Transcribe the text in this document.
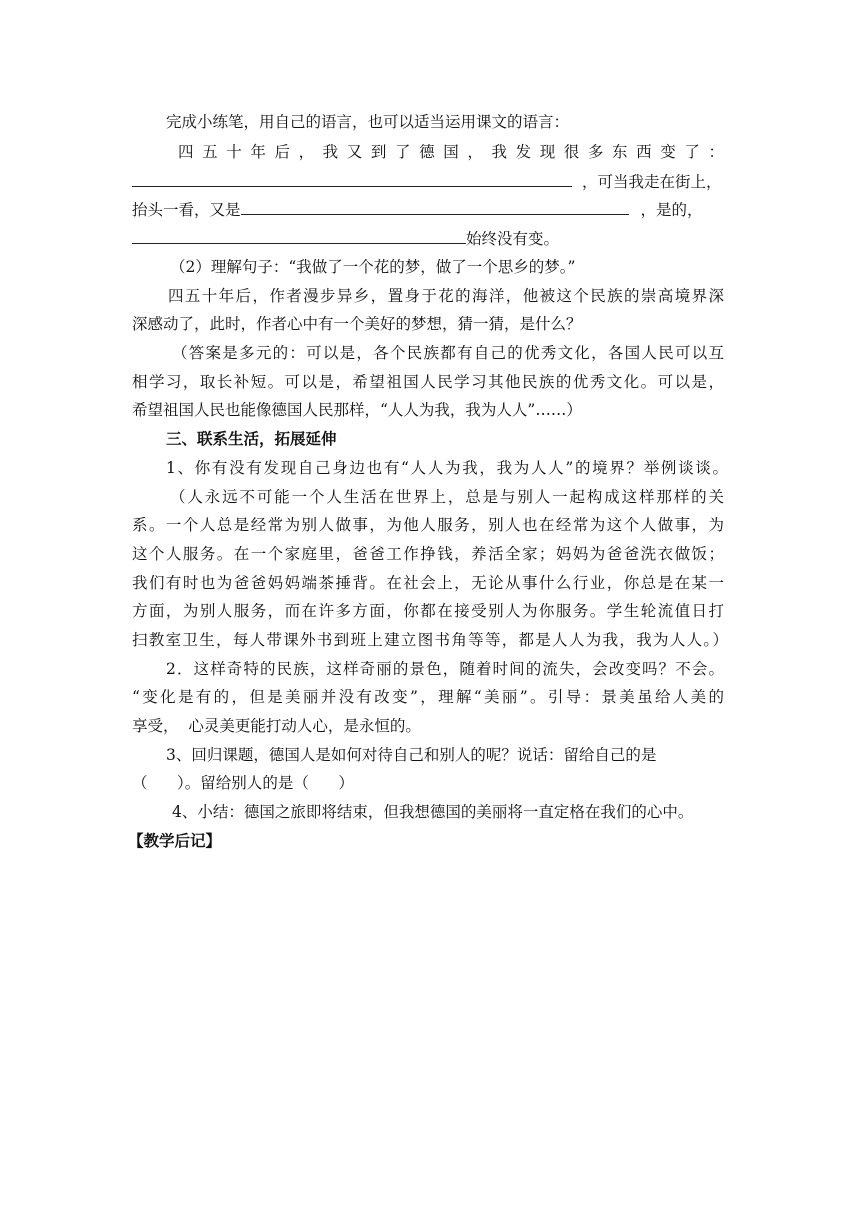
完成小练笔，用自己的语言，也可以适当运用课文的语言：
四五十年后，我又到了德国，我发现很多东西变了：
，可当我走在街上，
抬头一看，又是	，是的，
始终没有变。
（2）理解句子：“我做了一个花的梦，做了一个思乡的梦。”
四五十年后，作者漫步异乡，置身于花的海洋，他被这个民族的崇高境界深
深感动了，此时，作者心中有一个美好的梦想，猜一猜，是什么？
（答案是多元的：可以是，各个民族都有自己的优秀文化，各国人民可以互
相学习，取长补短。可以是，希望祖国人民学习其他民族的优秀文化。可以是，
希望祖国人民也能像德国人民那样，“人人为我，我为人人”……）
三、联系生活，拓展延伸
1、你有没有发现自己身边也有“人人为我，我为人人”的境界？举例谈谈。
（人永远不可能一个人生活在世界上，总是与别人一起构成这样那样的关
系。一个人总是经常为别人做事，为他人服务，别人也在经常为这个人做事，为
这个人服务。在一个家庭里，爸爸工作挣钱，养活全家；妈妈为爸爸洗衣做饭；
我们有时也为爸爸妈妈端茶捶背。在社会上，无论从事什么行业，你总是在某一
方面，为别人服务，而在许多方面，你都在接受别人为你服务。学生轮流值日打
扫教室卫生，每人带课外书到班上建立图书角等等，都是人人为我，我为人人。）
2．这样奇特的民族，这样奇丽的景色，随着时间的流失，会改变吗？不会。
“变化是有的，但是美丽并没有改变”，理解“美丽”。引导：景美虽给人美的
享受，  心灵美更能打动人心，是永恒的。
3、回归课题，德国人是如何对待自己和别人的呢？说话：留给自己的是
（      ）。留给别人的是（      ）
4、小结：德国之旅即将结束，但我想德国的美丽将一直定格在我们的心中。
【教学后记】
